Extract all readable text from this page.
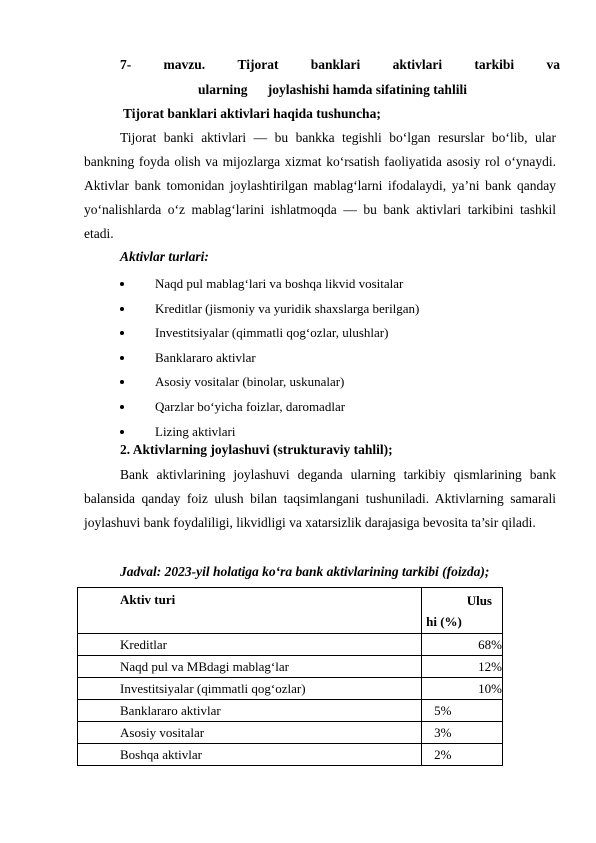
7- mavzu. Tijorat banklari aktivlari tarkibi va
ularning      joylashishi hamda sifatining tahlili
Tijorat banklari aktivlari haqida tushuncha;

Tijorat banki aktivlari — bu bankka tegishli bo‘lgan resurslar bo‘lib, ular bankning foyda olish va mijozlarga xizmat ko‘rsatish faoliyatida asosiy rol o‘ynaydi. Aktivlar bank tomonidan joylashtirilgan mablag‘larni ifodalaydi, ya’ni bank qanday yo‘nalishlarda o‘z mablag‘larini ishlatmoqda — bu bank aktivlari tarkibini tashkil etadi.

Aktivlar turlari:
Naqd pul mablag‘lari va boshqa likvid vositalar
Kreditlar (jismoniy va yuridik shaxslarga berilgan)
Investitsiyalar (qimmatli qog‘ozlar, ulushlar)
Banklararo aktivlar
Asosiy vositalar (binolar, uskunalar)
Qarzlar bo‘yicha foizlar, daromadlar
Lizing aktivlari
2. Aktivlarning joylashuvi (strukturaviy tahlil);

Bank aktivlarining joylashuvi deganda ularning tarkibiy qismlarining bank balansida qanday foiz ulush bilan taqsimlangani tushuniladi. Aktivlarning samarali joylashuvi bank foydaliligi, likvidligi va xatarsizlik darajasiga bevosita ta’sir qiladi.

Jadval: 2023-yil holatiga ko‘ra bank aktivlarining tarkibi (foizda);
Aktiv turi	Ulus
hi (%)

Kreditlar	68%
Naqd pul va MBdagi mablag‘lar	12%
Investitsiyalar (qimmatli qog‘ozlar)	10%
Banklararo aktivlar	5%
Asosiy vositalar	3%
Boshqa aktivlar	2%
